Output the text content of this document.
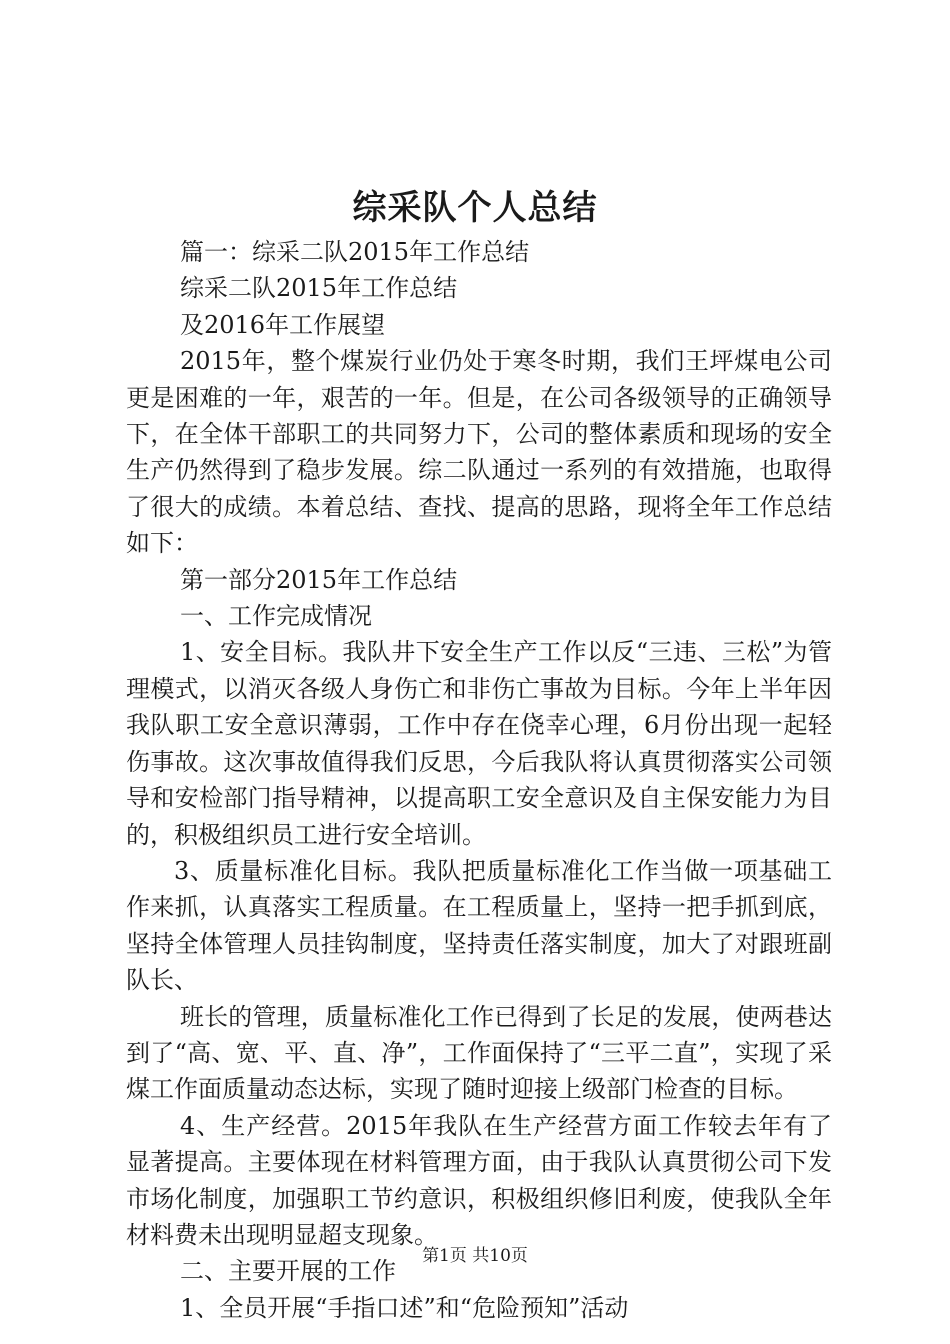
综采队个人总结

篇一：综采二队2015年工作总结

综采二队2015年工作总结

及2016年工作展望

2015年，整个煤炭行业仍处于寒冬时期，我们王坪煤电公司更是困难的一年，艰苦的一年。但是，在公司各级领导的正确领导下，在全体干部职工的共同努力下，公司的整体素质和现场的安全生产仍然得到了稳步发展。综二队通过一系列的有效措施，也取得了很大的成绩。本着总结、查找、提高的思路，现将全年工作总结如下：

第一部分2015年工作总结

一、工作完成情况

1、安全目标。我队井下安全生产工作以反“三违、三松”为管理模式，以消灭各级人身伤亡和非伤亡事故为目标。今年上半年因我队职工安全意识薄弱，工作中存在侥幸心理，6月份出现一起轻伤事故。这次事故值得我们反思，今后我队将认真贯彻落实公司领导和安检部门指导精神，以提高职工安全意识及自主保安能力为目的，积极组织员工进行安全培训。

3、质量标准化目标。我队把质量标准化工作当做一项基础工作来抓，认真落实工程质量。在工程质量上，坚持一把手抓到底，坚持全体管理人员挂钩制度，坚持责任落实制度，加大了对跟班副队长、

班长的管理，质量标准化工作已得到了长足的发展，使两巷达到了“高、宽、平、直、净”，工作面保持了“三平二直”，实现了采煤工作面质量动态达标，实现了随时迎接上级部门检查的目标。

4、生产经营。2015年我队在生产经营方面工作较去年有了显著提高。主要体现在材料管理方面，由于我队认真贯彻公司下发市场化制度，加强职工节约意识，积极组织修旧利废，使我队全年材料费未出现明显超支现象。

二、主要开展的工作

1、全员开展“手指口述”和“危险预知”活动

第1页 共10页
